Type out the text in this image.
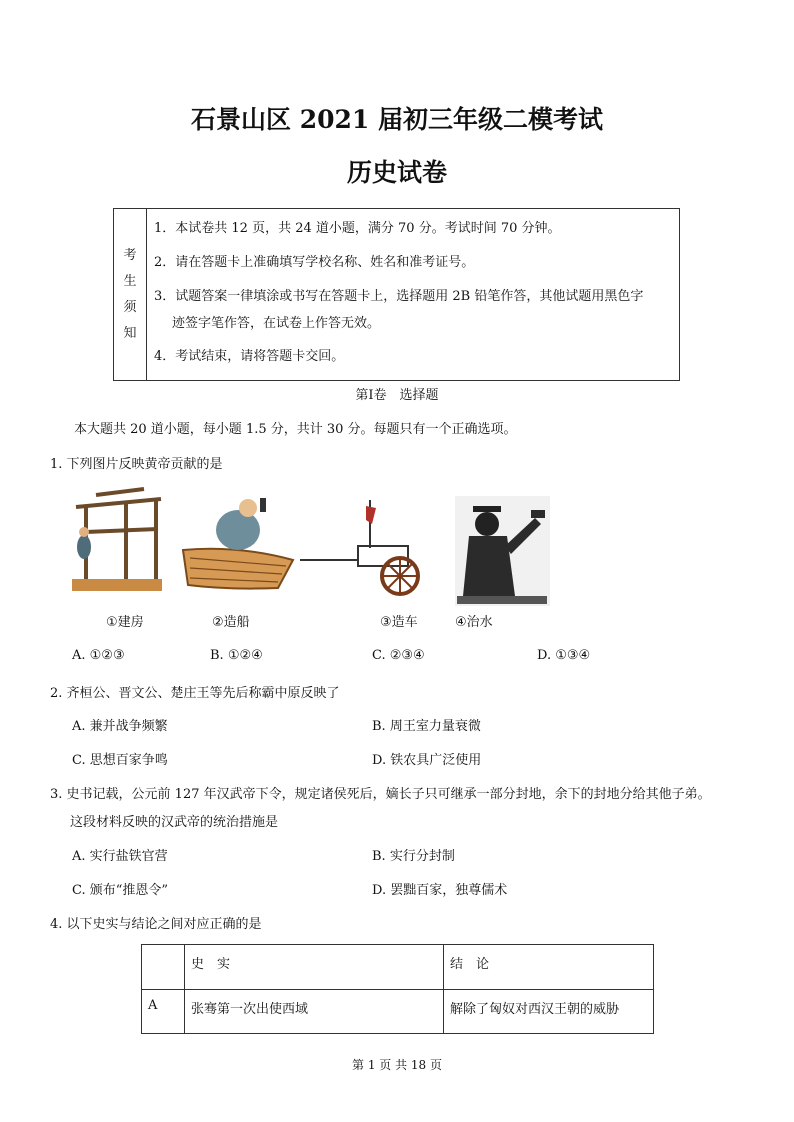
石景山区 2021 届初三年级二模考试
历史试卷
考
生
须
知
1．本试卷共 12 页，共 24 道小题，满分 70 分。考试时间 70 分钟。
2．请在答题卡上准确填写学校名称、姓名和准考证号。
3．试题答案一律填涂或书写在答题卡上，选择题用 2B 铅笔作答，其他试题用黑色字
迹签字笔作答，在试卷上作答无效。
4．考试结束，请将答题卡交回。
第Ⅰ卷　选择题
本大题共 20 道小题，每小题 1.5 分，共计 30 分。每题只有一个正确选项。
1. 下列图片反映黄帝贡献的是
①建房	②造船	③造车	④治水
A. ①②③	B. ①②④	C. ②③④	D. ①③④
2. 齐桓公、晋文公、楚庄王等先后称霸中原反映了
A. 兼并战争频繁	B. 周王室力量衰微
C. 思想百家争鸣	D. 铁农具广泛使用
3. 史书记载，公元前 127 年汉武帝下令，规定诸侯死后，嫡长子只可继承一部分封地，余下的封地分给其他子弟。
这段材料反映的汉武帝的统治措施是
A. 实行盐铁官营	B. 实行分封制
C. 颁布“推恩令”	D. 罢黜百家，独尊儒术
4. 以下史实与结论之间对应正确的是
	史　实	结　论
A	张骞第一次出使西域	解除了匈奴对西汉王朝的威胁
第 1 页 共 18 页
